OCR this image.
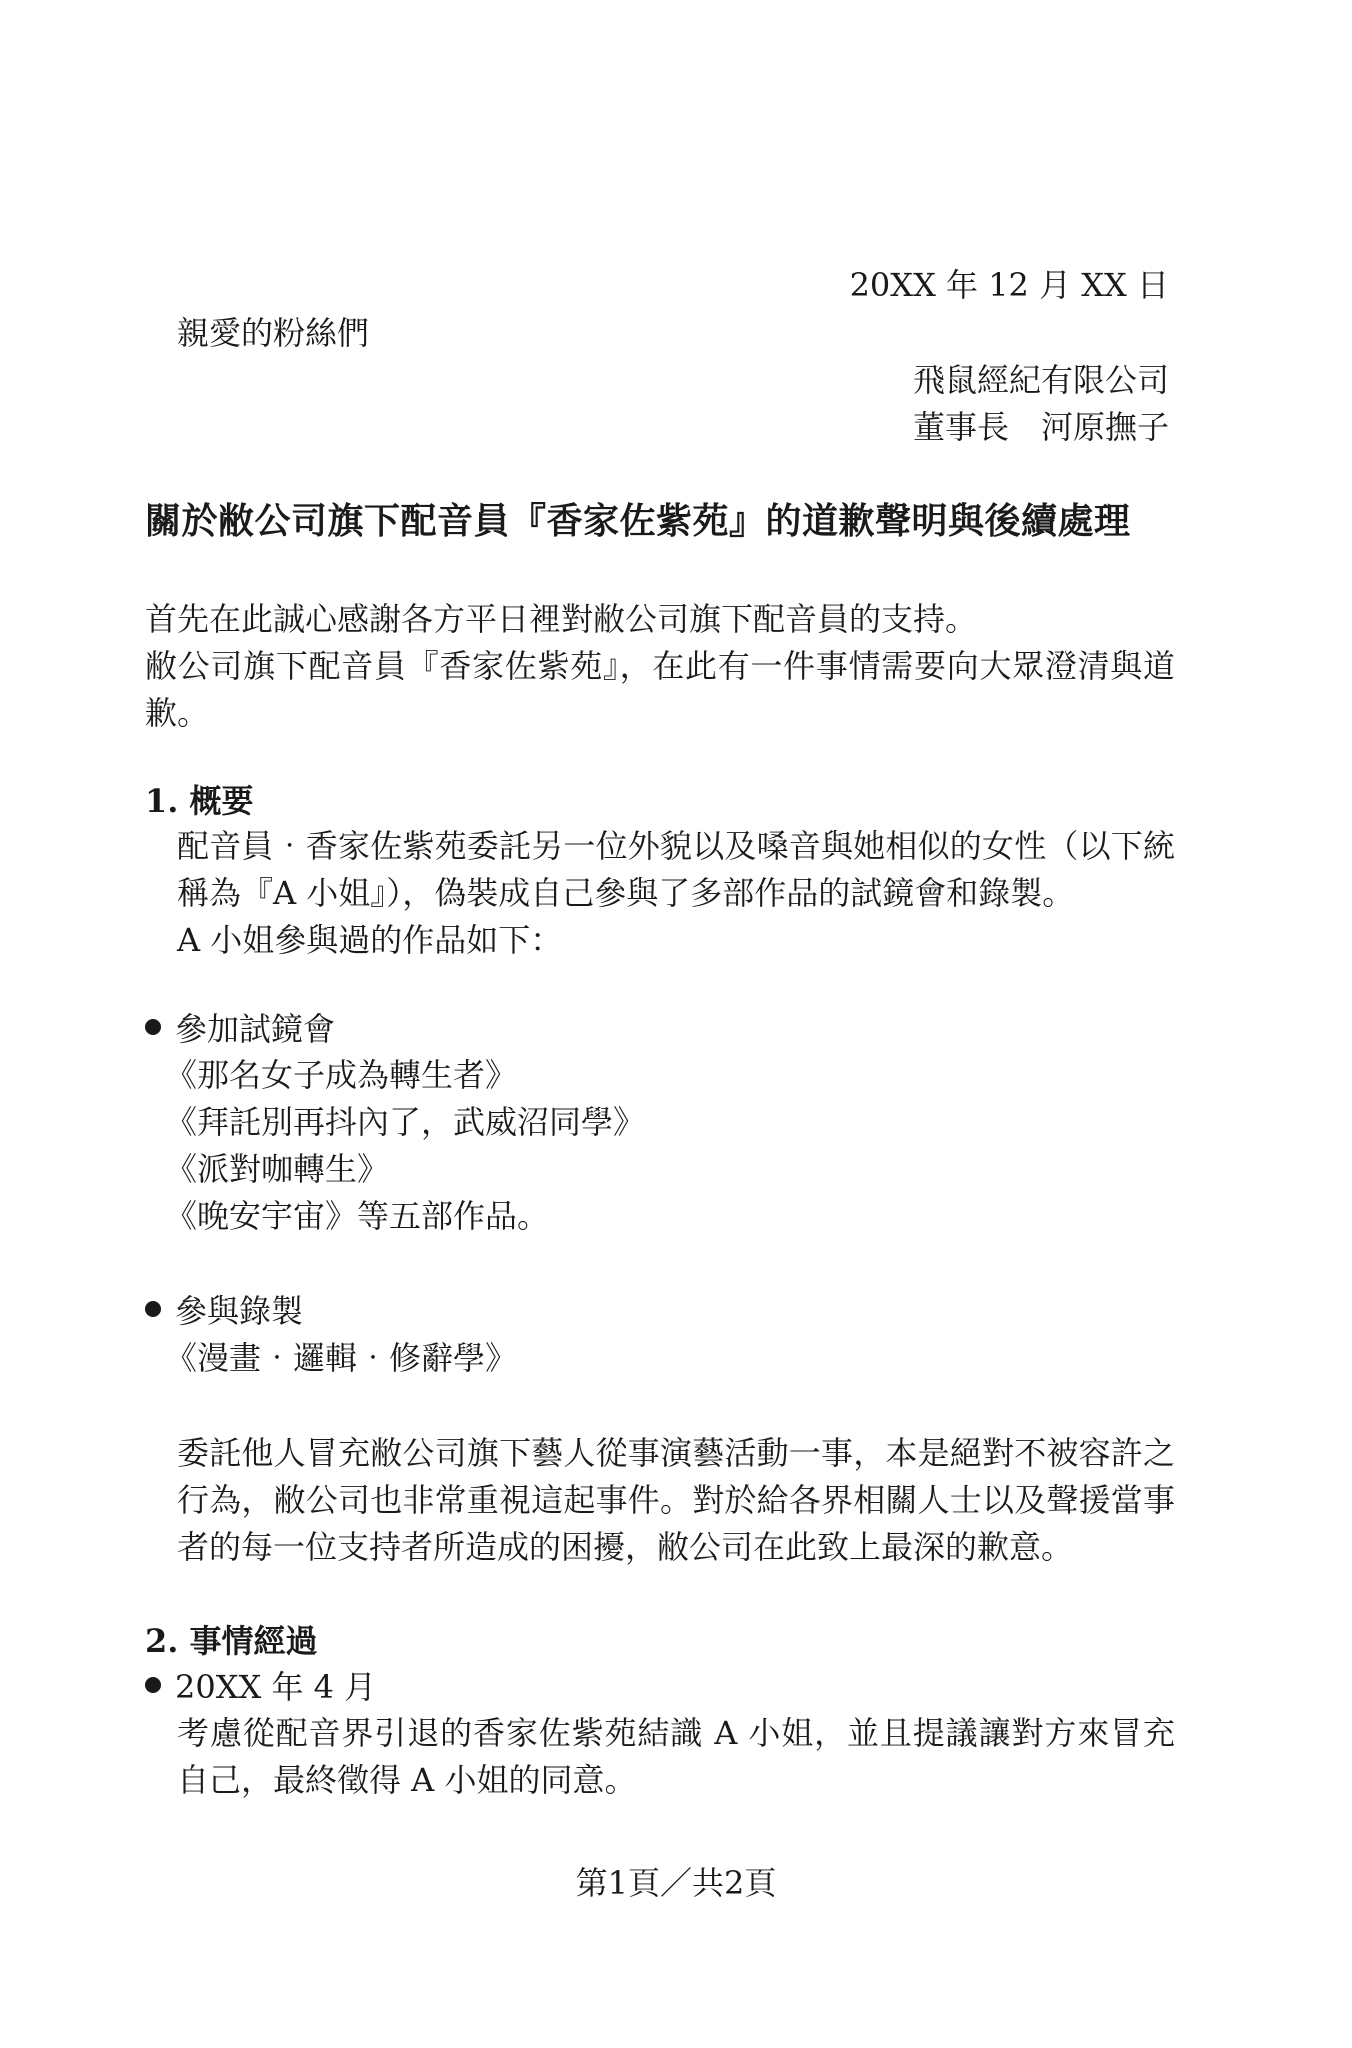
20XX 年 12 月 XX 日
親愛的粉絲們
飛鼠經紀有限公司
董事長　河原撫子
關於敝公司旗下配音員『香家佐紫苑』的道歉聲明與後續處理
首先在此誠心感謝各方平日裡對敝公司旗下配音員的支持。
敝公司旗下配音員『香家佐紫苑』，在此有一件事情需要向大眾澄清與道歉。
1. 概要
配音員‧香家佐紫苑委託另一位外貌以及嗓音與她相似的女性（以下統稱為『A 小姐』），偽裝成自己參與了多部作品的試鏡會和錄製。
A 小姐參與過的作品如下：
參加試鏡會
《那名女子成為轉生者》
《拜託別再抖內了，武威沼同學》
《派對咖轉生》
《晚安宇宙》等五部作品。
參與錄製
《漫畫‧邏輯‧修辭學》
委託他人冒充敝公司旗下藝人從事演藝活動一事，本是絕對不被容許之行為，敝公司也非常重視這起事件。對於給各界相關人士以及聲援當事者的每一位支持者所造成的困擾，敝公司在此致上最深的歉意。
2. 事情經過
20XX 年 4 月
考慮從配音界引退的香家佐紫苑結識 A 小姐，並且提議讓對方來冒充自己，最終徵得 A 小姐的同意。
第1頁／共2頁
